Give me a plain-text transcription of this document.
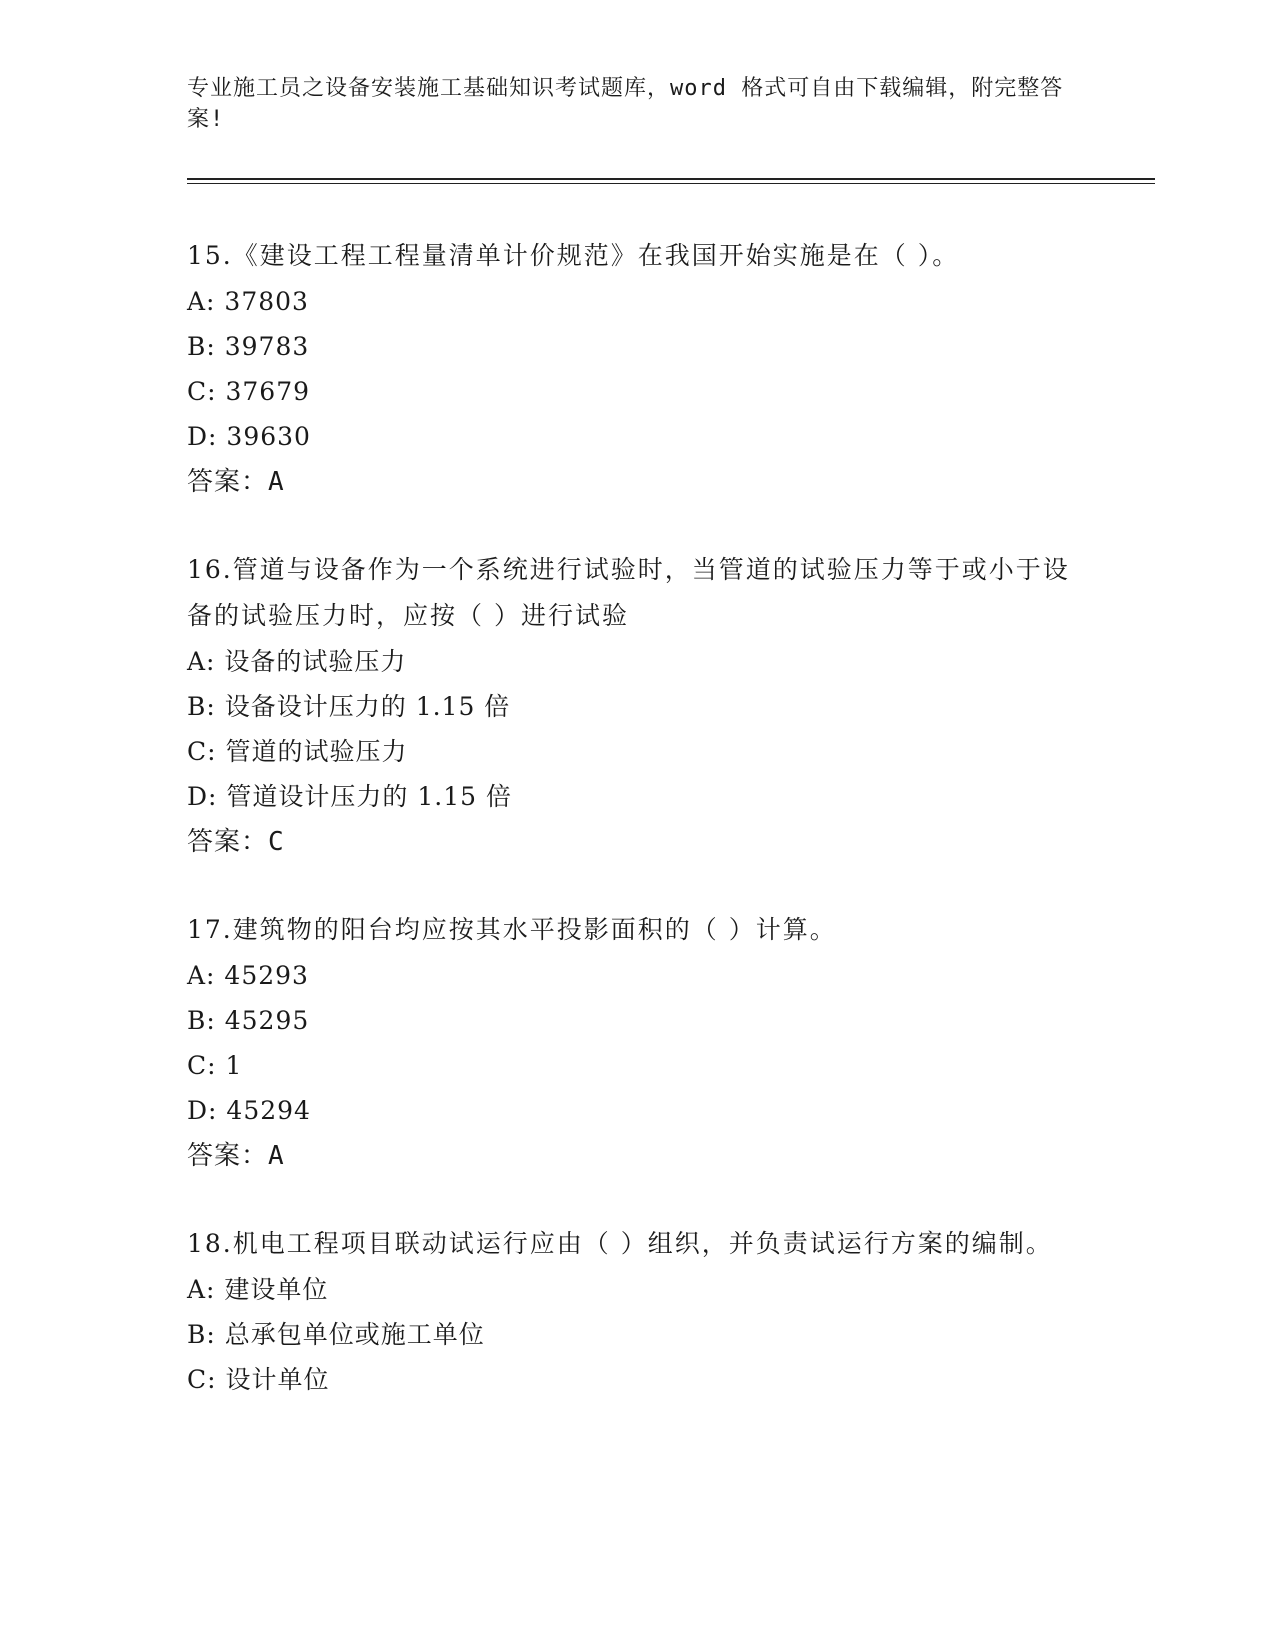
专业施工员之设备安装施工基础知识考试题库，word 格式可自由下载编辑，附完整答案!

15.《建设工程工程量清单计价规范》在我国开始实施是在（ ）。

A: 37803

B: 39783

C: 37679

D: 39630

答案：A

16.管道与设备作为一个系统进行试验时，当管道的试验压力等于或小于设备的试验压力时，应按（ ）进行试验

A: 设备的试验压力

B: 设备设计压力的 1.15 倍

C: 管道的试验压力

D: 管道设计压力的 1.15 倍

答案：C

17.建筑物的阳台均应按其水平投影面积的（ ）计算。

A: 45293

B: 45295

C: 1

D: 45294

答案：A

18.机电工程项目联动试运行应由（ ）组织，并负责试运行方案的编制。

A: 建设单位

B: 总承包单位或施工单位

C: 设计单位
